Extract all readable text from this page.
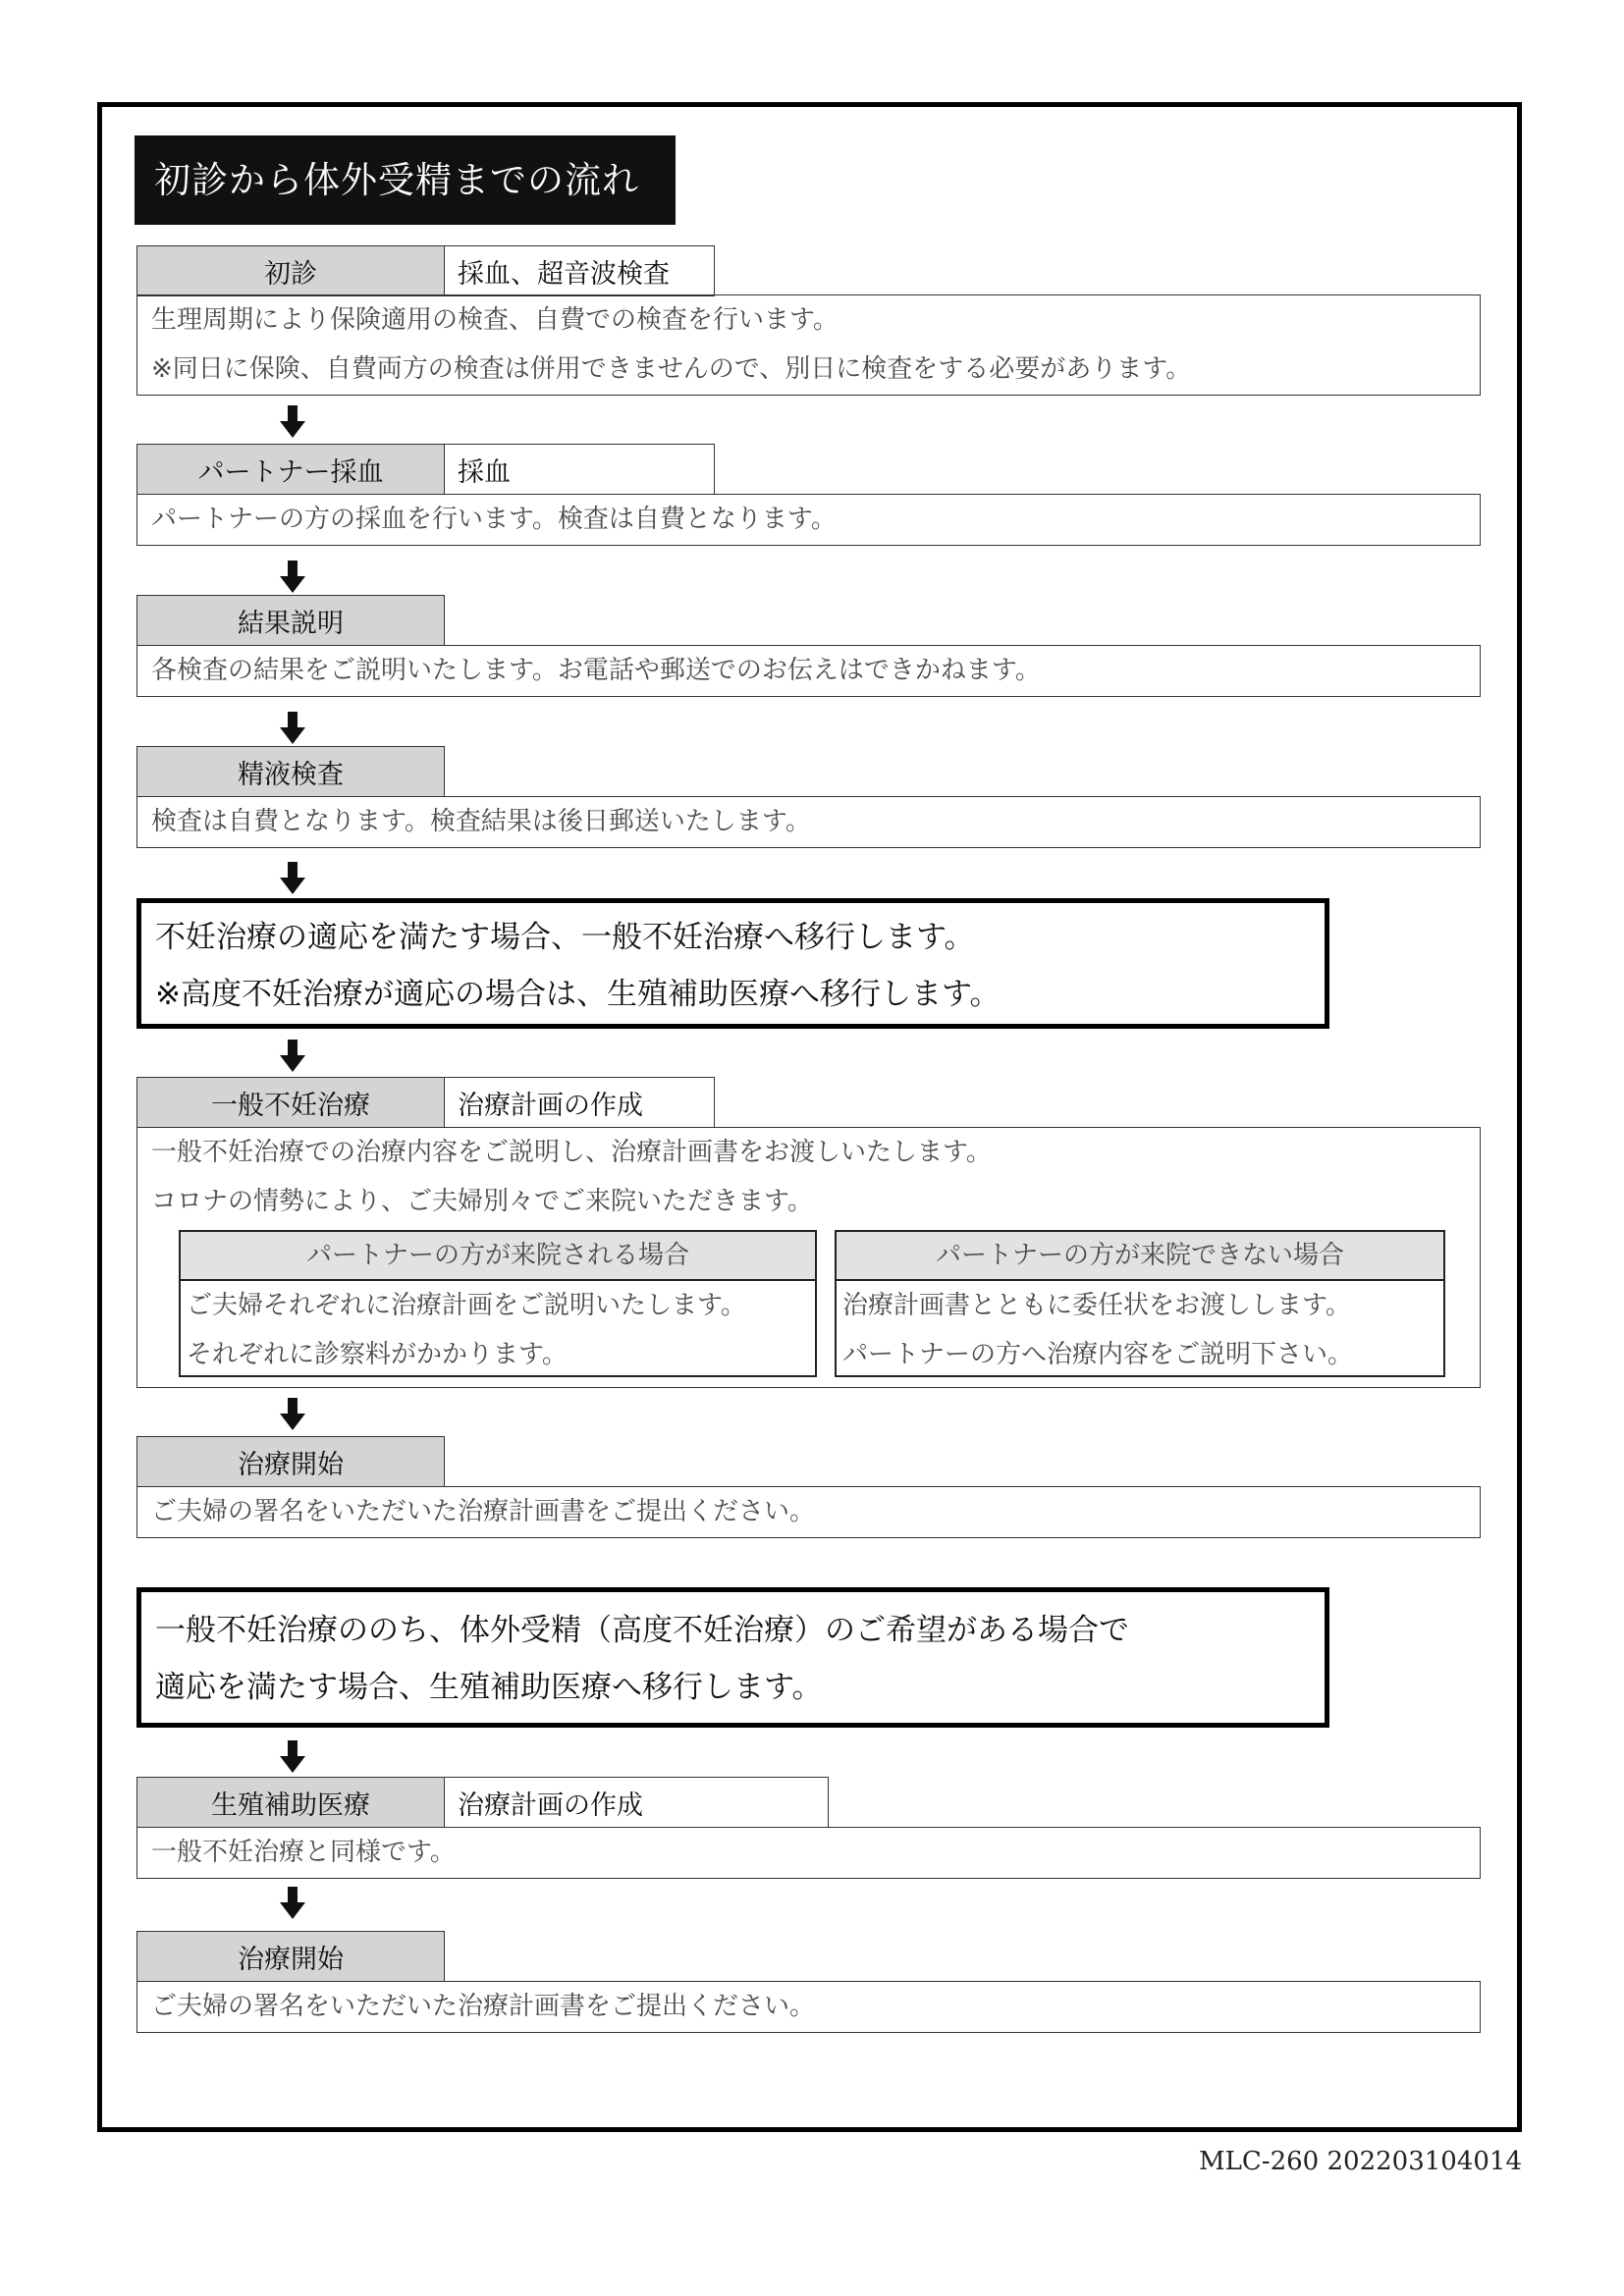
初診から体外受精までの流れ
初診	採血、超音波検査

生理周期により保険適用の検査、自費での検査を行います。

※同日に保険、自費両方の検査は併用できませんので、別日に検査をする必要があります。

パートナー採血	採血

パートナーの方の採血を行います。検査は自費となります。

結果説明

各検査の結果をご説明いたします。お電話や郵送でのお伝えはできかねます。

精液検査

検査は自費となります。検査結果は後日郵送いたします。

不妊治療の適応を満たす場合、一般不妊治療へ移行します。

※高度不妊治療が適応の場合は、生殖補助医療へ移行します。

一般不妊治療	治療計画の作成

一般不妊治療での治療内容をご説明し、治療計画書をお渡しいたします。

コロナの情勢により、ご夫婦別々でご来院いただきます。

パートナーの方が来院される場合

ご夫婦それぞれに治療計画をご説明いたします。

それぞれに診察料がかかります。

パートナーの方が来院できない場合

治療計画書とともに委任状をお渡しします。

パートナーの方へ治療内容をご説明下さい。

治療開始

ご夫婦の署名をいただいた治療計画書をご提出ください。

一般不妊治療ののち、体外受精（高度不妊治療）のご希望がある場合で

適応を満たす場合、生殖補助医療へ移行します。

生殖補助医療	治療計画の作成

一般不妊治療と同様です。

治療開始

ご夫婦の署名をいただいた治療計画書をご提出ください。

MLC-260 202203104014
